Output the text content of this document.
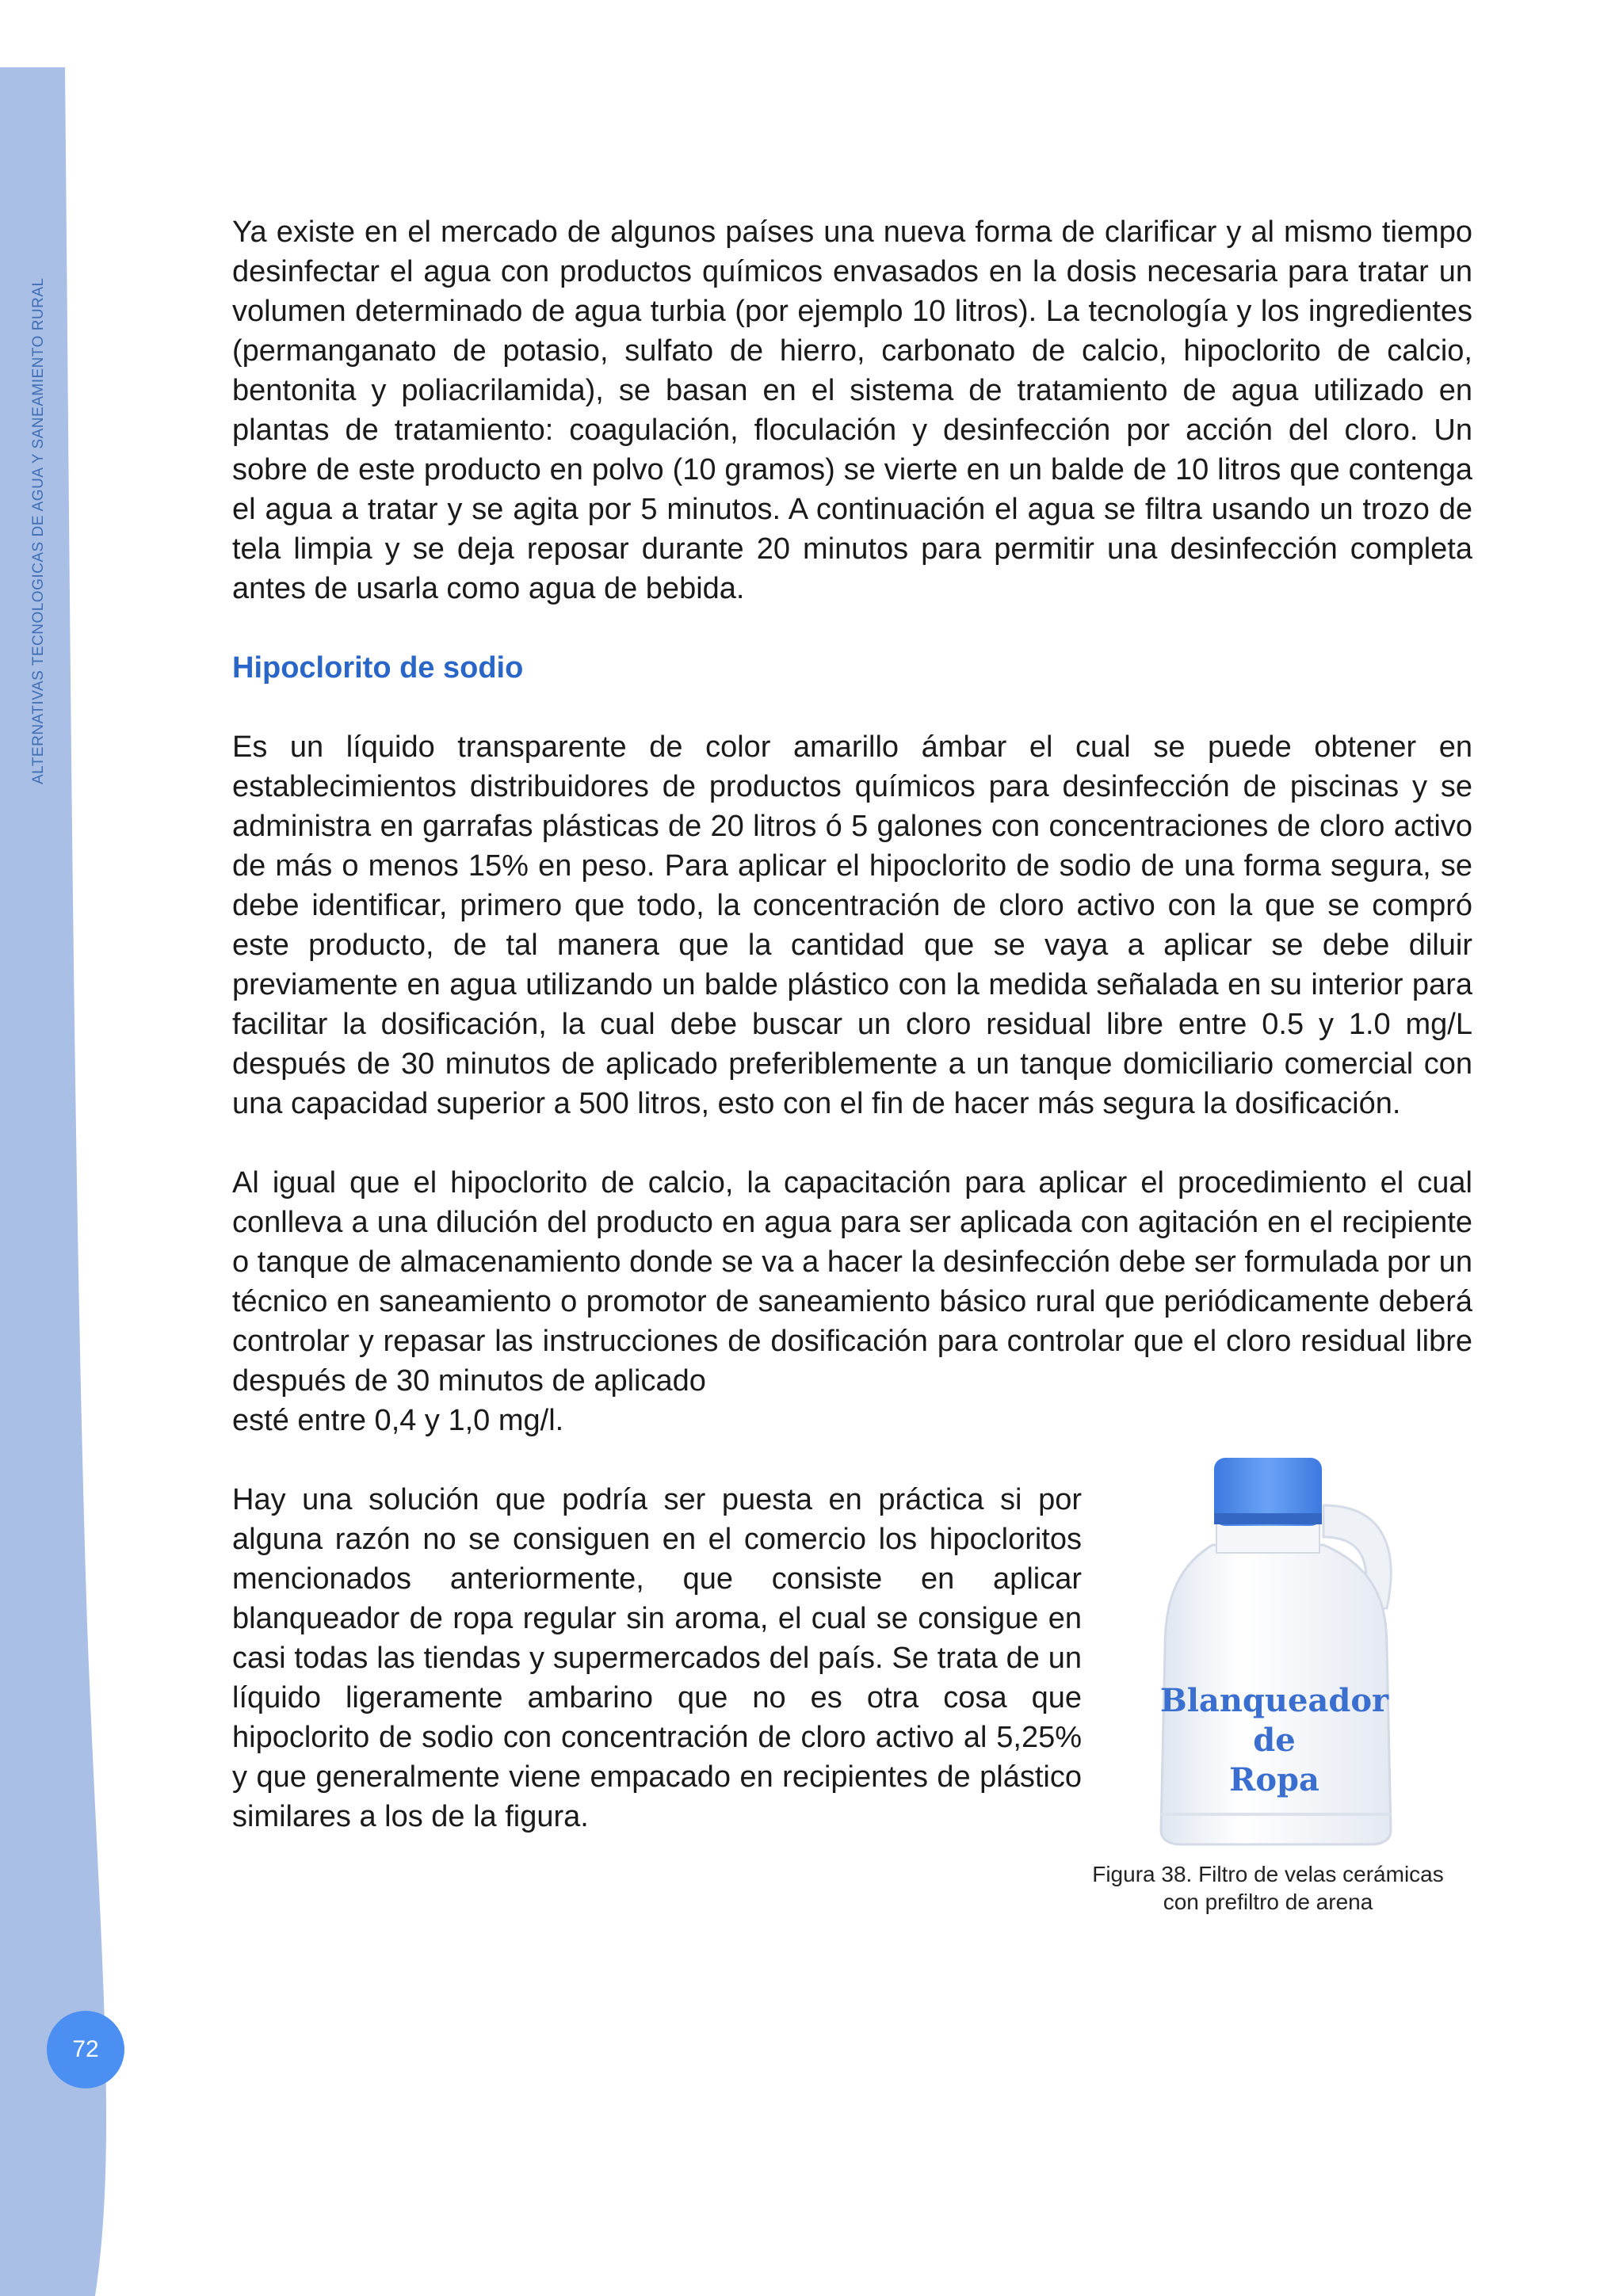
ALTERNATIVAS TECNOLOGICAS DE AGUA Y SANEAMIENTO RURAL
72

Ya existe en el mercado de algunos países una nueva forma de clarificar y al mismo tiempo desinfectar el agua con productos químicos envasados en la dosis necesaria para tratar un volumen determinado de agua turbia (por ejemplo 10 litros). La tecnología y los ingredientes (permanganato de potasio, sulfato de hierro, carbonato de calcio, hipoclorito de calcio, bentonita y poliacrilamida), se basan en el sistema de tratamiento de agua utilizado en plantas de tratamiento: coagulación, floculación y desinfección por acción del cloro. Un sobre de este producto en polvo (10 gramos) se vierte en un balde de 10 litros que contenga el agua a tratar y se agita por 5 minutos. A continuación el agua se filtra usando un trozo de tela limpia y se deja reposar durante 20 minutos para permitir una desinfección completa antes de usarla como agua de bebida.

Hipoclorito de sodio

Es un líquido transparente de color amarillo ámbar el cual se puede obtener en establecimientos distribuidores de productos químicos para desinfección de piscinas y se administra en garrafas plásticas de 20 litros ó 5 galones con concentraciones de cloro activo de más o menos 15% en peso. Para aplicar el hipoclorito de sodio de una forma segura, se debe identificar, primero que todo, la concentración de cloro activo con la que se compró este producto, de tal manera que la cantidad que se vaya a aplicar se debe diluir previamente en agua utilizando un balde plástico con la medida señalada en su interior para facilitar la dosificación, la cual debe buscar un cloro residual libre entre 0.5 y 1.0 mg/L después de 30 minutos de aplicado preferiblemente a un tanque domiciliario comercial con una capacidad superior a 500 litros, esto con el fin de hacer más segura la dosificación.

Al igual que el hipoclorito de calcio, la capacitación para aplicar el procedimiento el cual conlleva a una dilución del producto en agua para ser aplicada con agitación en el recipiente o tanque de almacenamiento donde se va a hacer la desinfección debe ser formulada por un técnico en saneamiento o promotor de saneamiento básico rural que periódicamente deberá controlar y repasar las instrucciones de dosificación para controlar que el cloro residual libre después de 30 minutos de aplicado

esté entre 0,4 y 1,0 mg/l.

Hay una solución que podría ser puesta en práctica si por alguna razón no se consiguen en el comercio los hipocloritos mencionados anteriormente, que consiste en aplicar blanqueador de ropa regular sin aroma, el cual se consigue en casi todas las tiendas y supermercados del país. Se trata de un líquido ligeramente ambarino que no es otra cosa que hipoclorito de sodio con concentración de cloro activo al 5,25% y que generalmente viene empacado en recipientes de plástico similares a los de la figura.

Blanqueador
de
Ropa
Figura 38. Filtro de velas cerámicas
con prefiltro de arena
